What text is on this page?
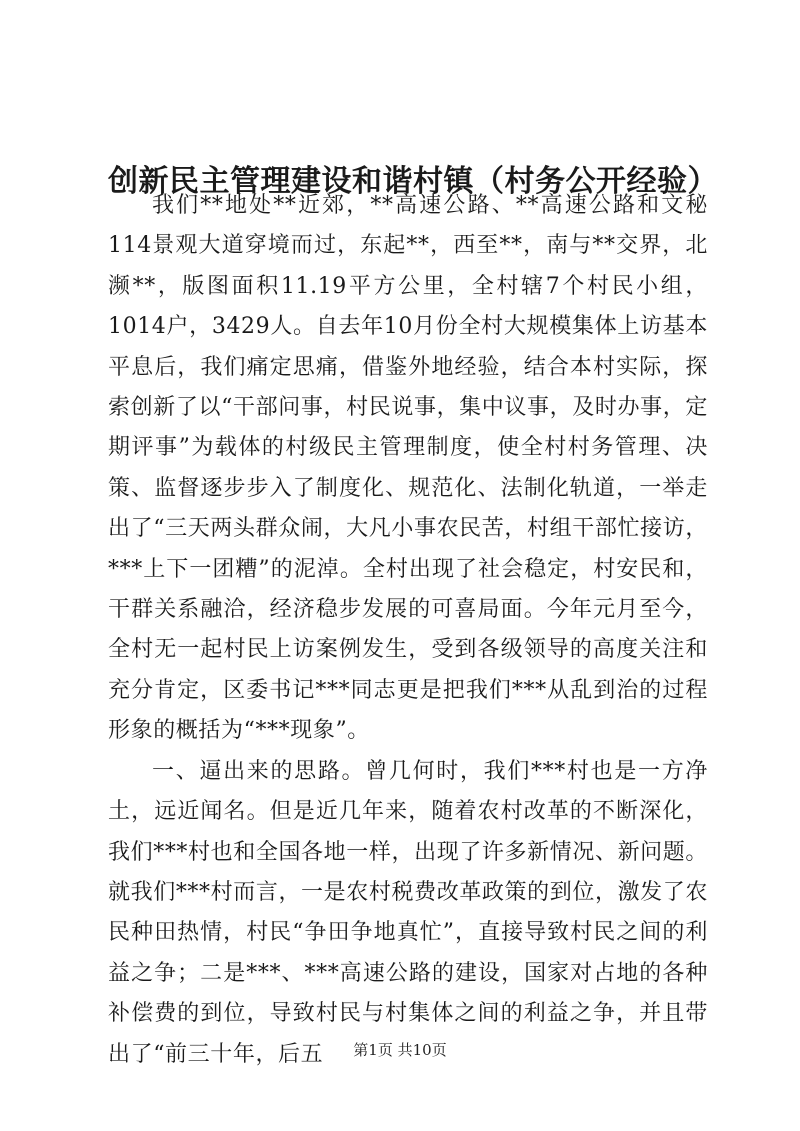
创新民主管理建设和谐村镇（村务公开经验）

我们**地处**近郊，**高速公路、**高速公路和文秘114景观大道穿境而过，东起**，西至**，南与**交界，北濒**，版图面积11.19平方公里，全村辖7个村民小组，1014户，3429人。自去年10月份全村大规模集体上访基本平息后，我们痛定思痛，借鉴外地经验，结合本村实际，探索创新了以“干部问事，村民说事，集中议事，及时办事，定期评事”为载体的村级民主管理制度，使全村村务管理、决策、监督逐步步入了制度化、规范化、法制化轨道，一举走出了“三天两头群众闹，大凡小事农民苦，村组干部忙接访，***上下一团糟”的泥淖。全村出现了社会稳定，村安民和，干群关系融洽，经济稳步发展的可喜局面。今年元月至今，全村无一起村民上访案例发生，受到各级领导的高度关注和充分肯定，区委书记***同志更是把我们***从乱到治的过程形象的概括为“***现象”。

一、逼出来的思路。曾几何时，我们***村也是一方净土，远近闻名。但是近几年来，随着农村改革的不断深化，我们***村也和全国各地一样，出现了许多新情况、新问题。就我们***村而言，一是农村税费改革政策的到位，激发了农民种田热情，村民“争田争地真忙”，直接导致村民之间的利益之争；二是***、***高速公路的建设，国家对占地的各种补偿费的到位，导致村民与村集体之间的利益之争，并且带出了“前三十年，后五	第1页 共10页
